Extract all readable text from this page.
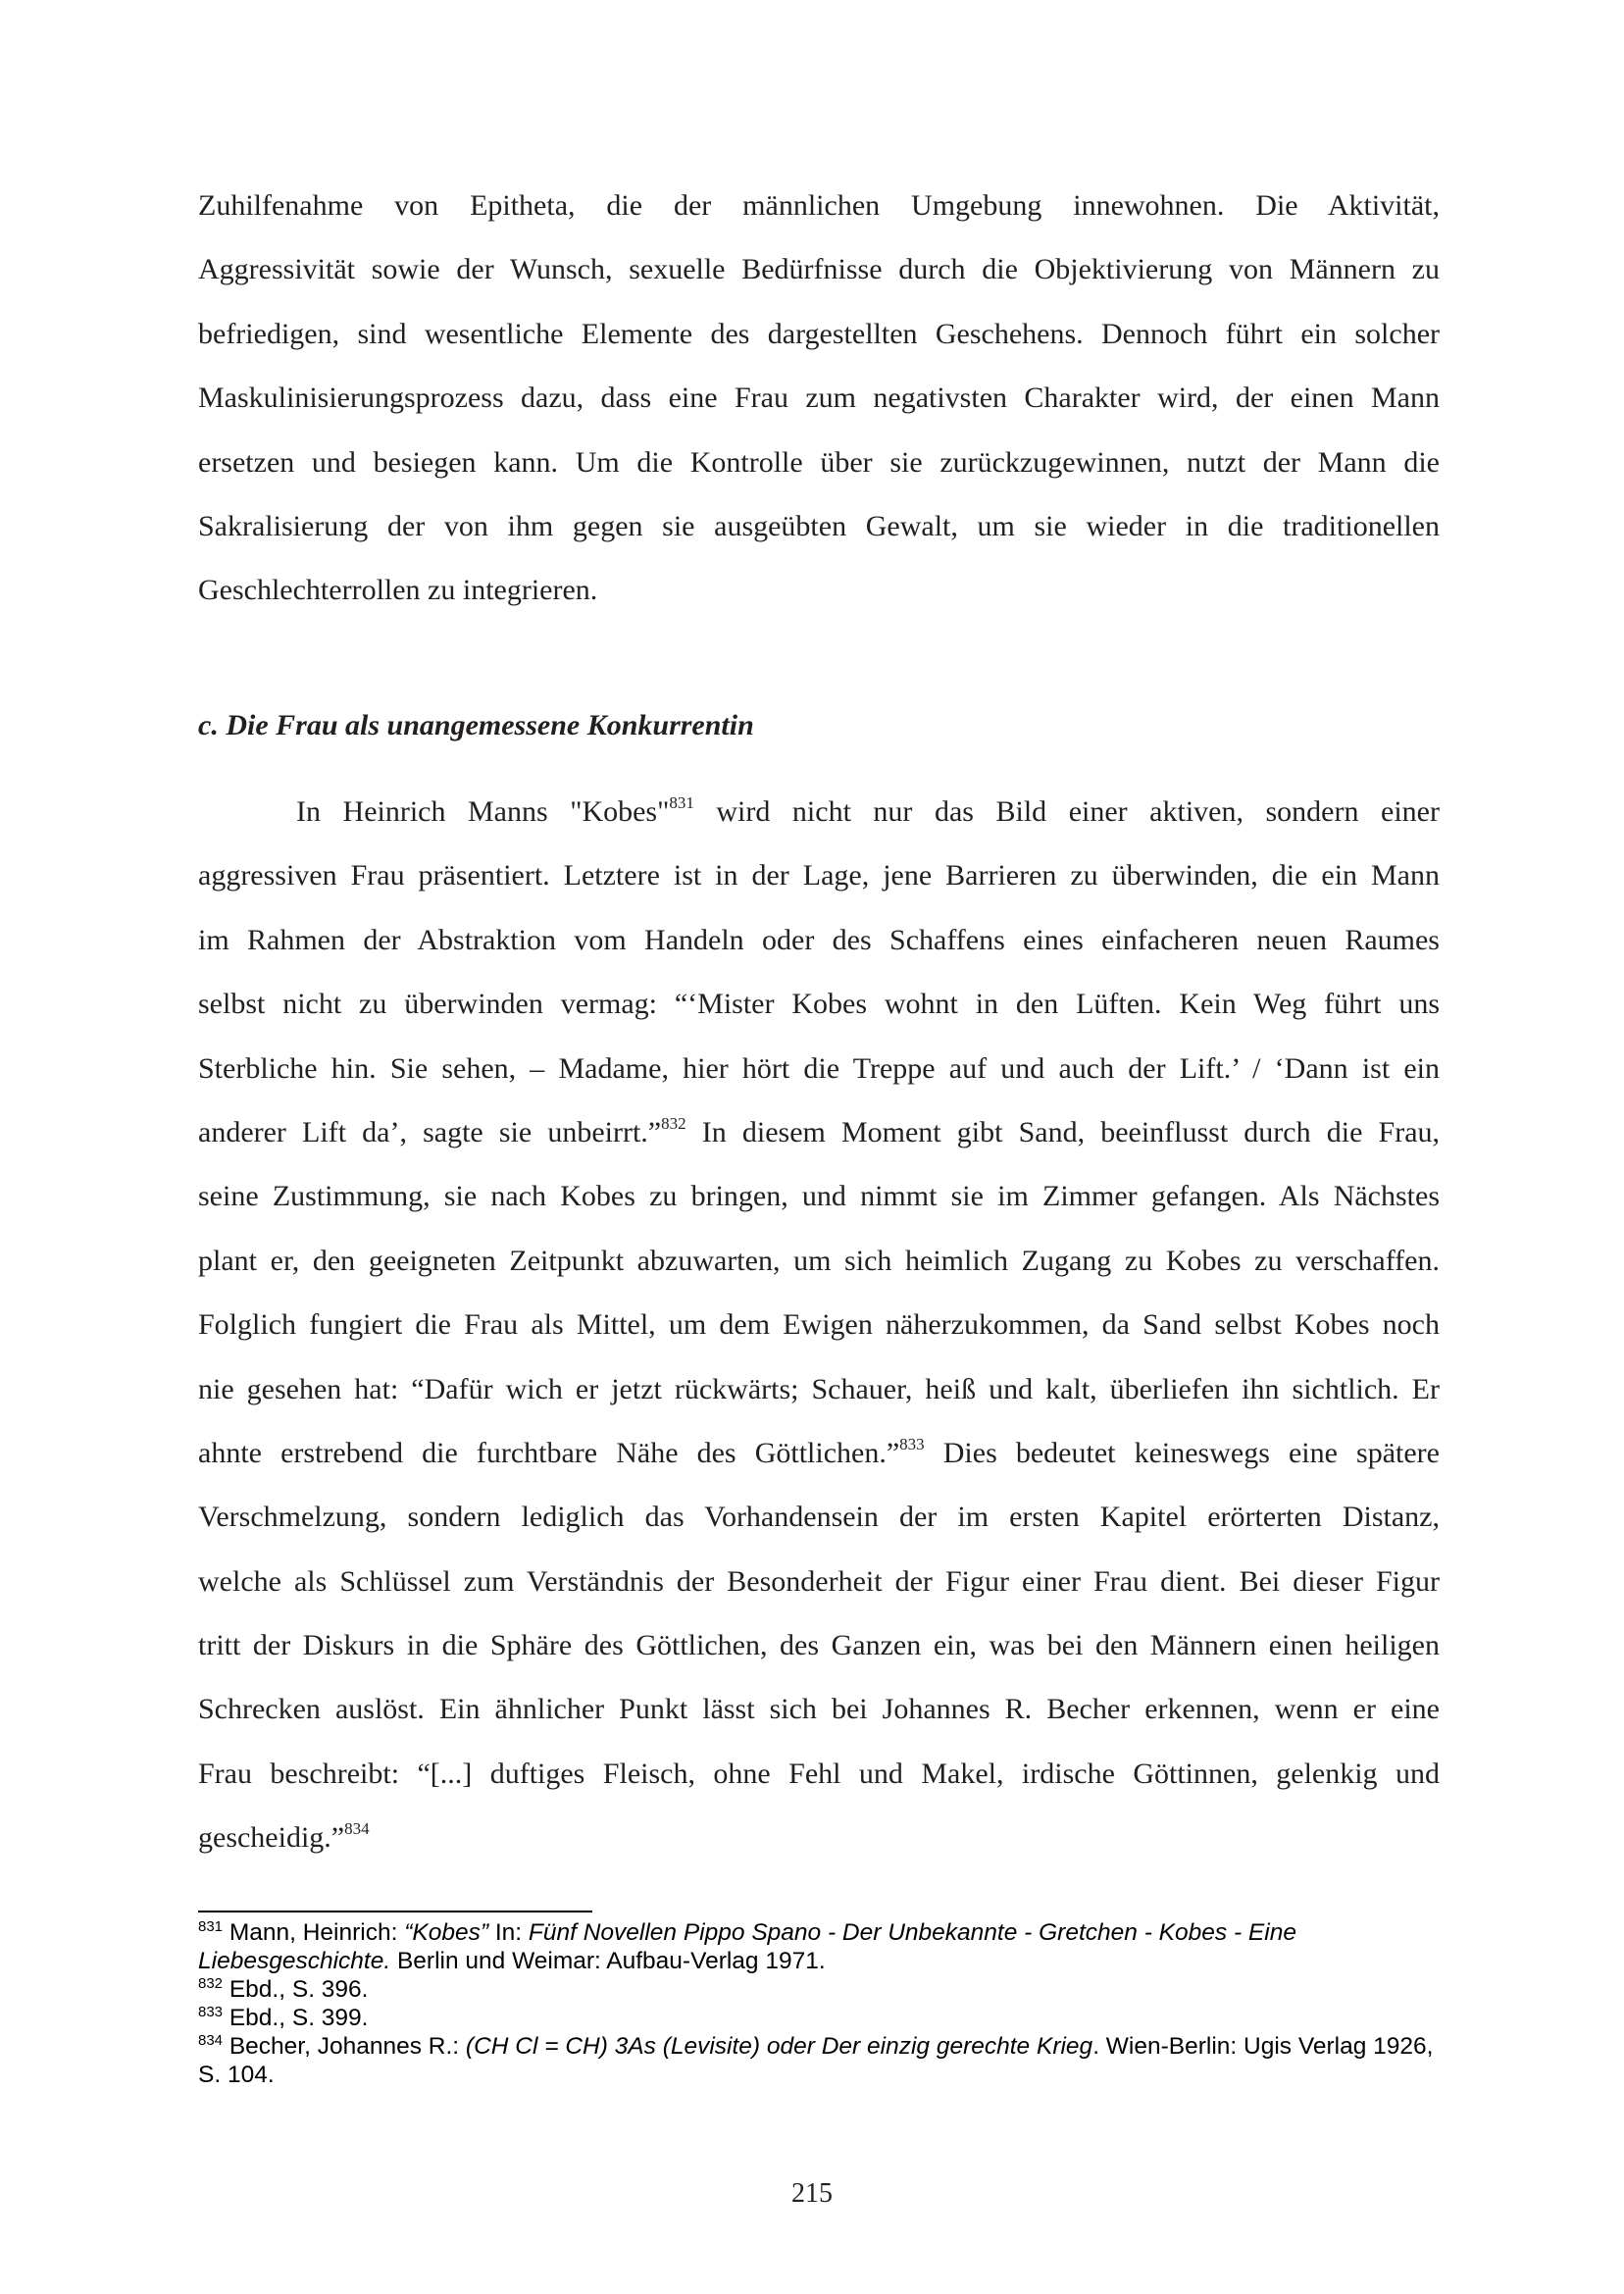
Zuhilfenahme von Epitheta, die der männlichen Umgebung innewohnen. Die Aktivität,
Aggressivität sowie der Wunsch, sexuelle Bedürfnisse durch die Objektivierung von Männern zu
befriedigen, sind wesentliche Elemente des dargestellten Geschehens. Dennoch führt ein solcher
Maskulinisierungsprozess dazu, dass eine Frau zum negativsten Charakter wird, der einen Mann
ersetzen und besiegen kann. Um die Kontrolle über sie zurückzugewinnen, nutzt der Mann die
Sakralisierung der von ihm gegen sie ausgeübten Gewalt, um sie wieder in die traditionellen
Geschlechterrollen zu integrieren.
c. Die Frau als unangemessene Konkurrentin
In Heinrich Manns "Kobes"$^{831}$ wird nicht nur das Bild einer aktiven, sondern einer
aggressiven Frau präsentiert. Letztere ist in der Lage, jene Barrieren zu überwinden, die ein Mann
im Rahmen der Abstraktion vom Handeln oder des Schaffens eines einfacheren neuen Raumes
selbst nicht zu überwinden vermag: “‘Mister Kobes wohnt in den Lüften. Kein Weg führt uns
Sterbliche hin. Sie sehen, – Madame, hier hört die Treppe auf und auch der Lift.’ / ‘Dann ist ein
anderer Lift da’, sagte sie unbeirrt.”$^{832}$ In diesem Moment gibt Sand, beeinflusst durch die Frau,
seine Zustimmung, sie nach Kobes zu bringen, und nimmt sie im Zimmer gefangen. Als Nächstes
plant er, den geeigneten Zeitpunkt abzuwarten, um sich heimlich Zugang zu Kobes zu verschaffen.
Folglich fungiert die Frau als Mittel, um dem Ewigen näherzukommen, da Sand selbst Kobes noch
nie gesehen hat: “Dafür wich er jetzt rückwärts; Schauer, heiß und kalt, überliefen ihn sichtlich. Er
ahnte erstrebend die furchtbare Nähe des Göttlichen.”$^{833}$ Dies bedeutet keineswegs eine spätere
Verschmelzung, sondern lediglich das Vorhandensein der im ersten Kapitel erörterten Distanz,
welche als Schlüssel zum Verständnis der Besonderheit der Figur einer Frau dient. Bei dieser Figur
tritt der Diskurs in die Sphäre des Göttlichen, des Ganzen ein, was bei den Männern einen heiligen
Schrecken auslöst. Ein ähnlicher Punkt lässt sich bei Johannes R. Becher erkennen, wenn er eine
Frau beschreibt: “[...] duftiges Fleisch, ohne Fehl und Makel, irdische Göttinnen, gelenkig und
gescheidig.”$^{834}$

$^{831}$ Mann, Heinrich: “Kobes” In: Fünf Novellen Pippo Spano - Der Unbekannte - Gretchen - Kobes - Eine Liebesgeschichte. Berlin und Weimar: Aufbau-Verlag 1971.

$^{832}$ Ebd., S. 396.

$^{833}$ Ebd., S. 399.

$^{834}$ Becher, Johannes R.: (CH Cl = CH) 3As (Levisite) oder Der einzig gerechte Krieg. Wien-Berlin: Ugis Verlag 1926, S. 104.

215
